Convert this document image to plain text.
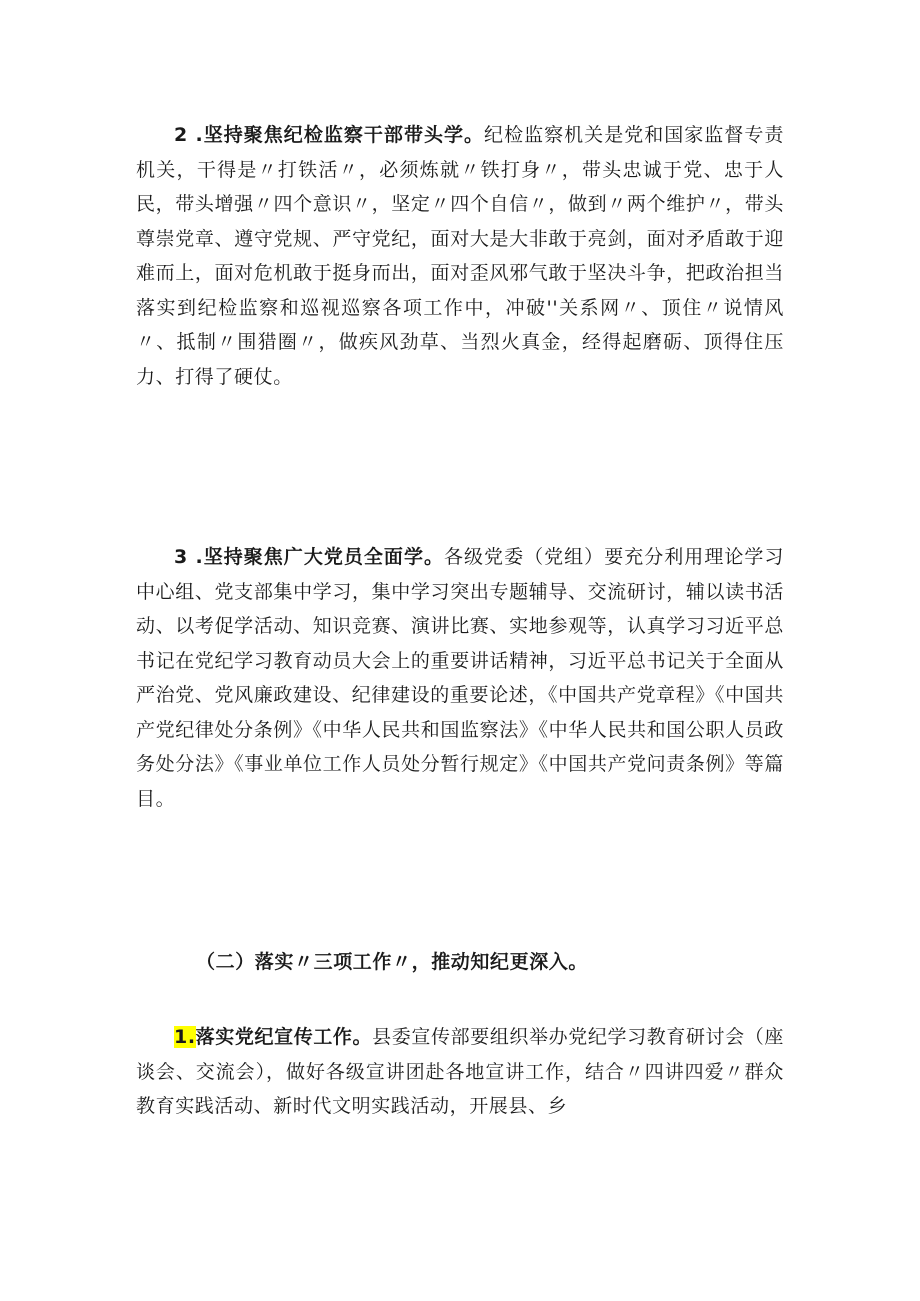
2 .坚持聚焦纪检监察干部带头学。纪检监察机关是党和国家监督专责机关，干得是〃打铁活〃，必须炼就〃铁打身〃，带头忠诚于党、忠于人民，带头增强〃四个意识〃，坚定〃四个自信〃，做到〃两个维护〃，带头尊崇党章、遵守党规、严守党纪，面对大是大非敢于亮剑，面对矛盾敢于迎难而上，面对危机敢于挺身而出，面对歪风邪气敢于坚决斗争，把政治担当落实到纪检监察和巡视巡察各项工作中，冲破''关系网〃、顶住〃说情风〃、抵制〃围猎圈〃，做疾风劲草、当烈火真金，经得起磨砺、顶得住压力、打得了硬仗。

3 .坚持聚焦广大党员全面学。各级党委（党组）要充分利用理论学习中心组、党支部集中学习，集中学习突出专题辅导、交流研讨，辅以读书活动、以考促学活动、知识竞赛、演讲比赛、实地参观等，认真学习习近平总书记在党纪学习教育动员大会上的重要讲话精神，习近平总书记关于全面从严治党、党风廉政建设、纪律建设的重要论述，《中国共产党章程》《中国共产党纪律处分条例》《中华人民共和国监察法》《中华人民共和国公职人员政务处分法》《事业单位工作人员处分暂行规定》《中国共产党问责条例》等篇目。

（二）落实〃三项工作〃，推动知纪更深入。

1.落实党纪宣传工作。县委宣传部要组织举办党纪学习教育研讨会（座谈会、交流会），做好各级宣讲团赴各地宣讲工作，结合〃四讲四爱〃群众教育实践活动、新时代文明实践活动，开展县、乡
